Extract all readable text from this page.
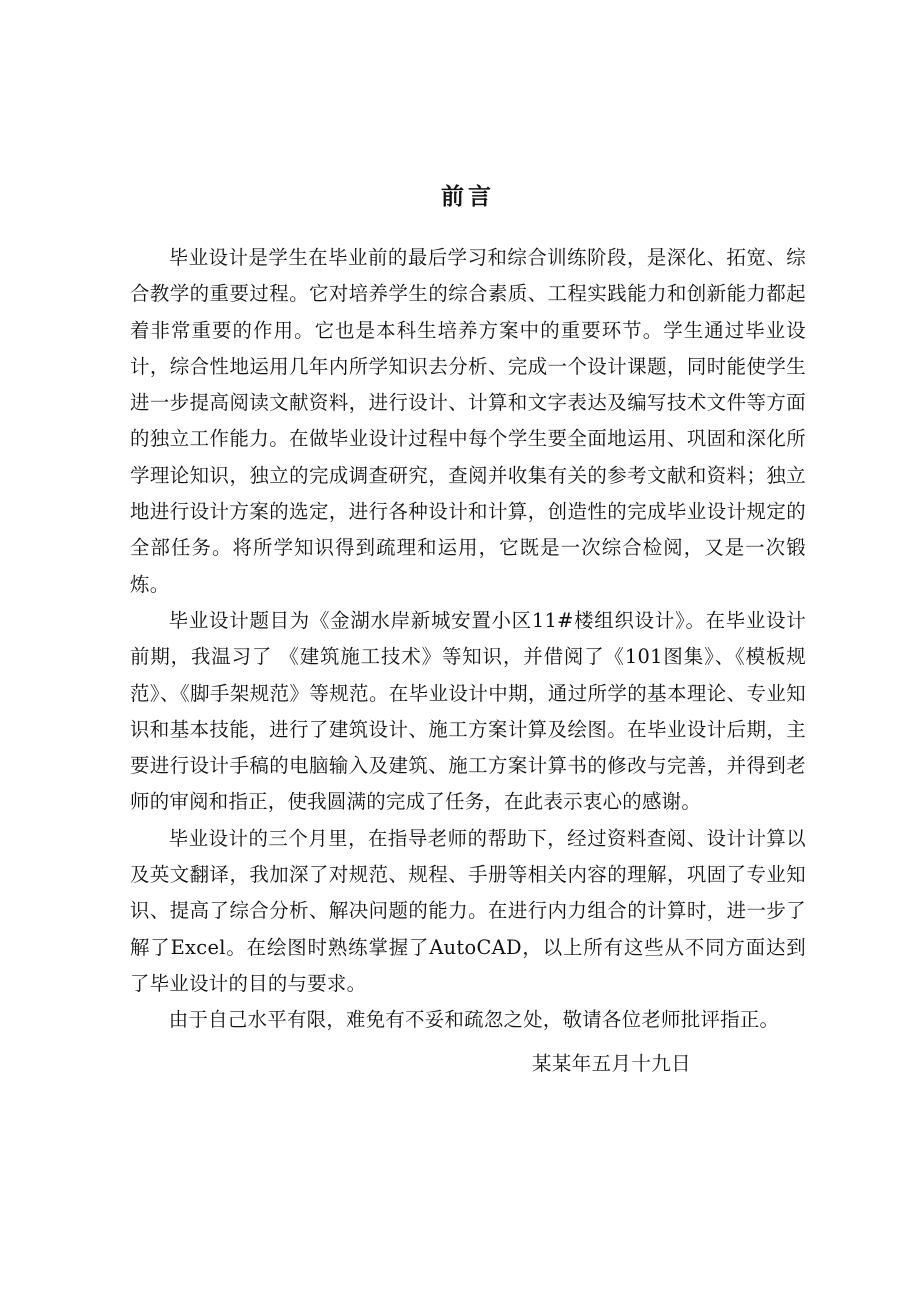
前言

毕业设计是学生在毕业前的最后学习和综合训练阶段，是深化、拓宽、综合教学的重要过程。它对培养学生的综合素质、工程实践能力和创新能力都起着非常重要的作用。它也是本科生培养方案中的重要环节。学生通过毕业设计，综合性地运用几年内所学知识去分析、完成一个设计课题，同时能使学生进一步提高阅读文献资料，进行设计、计算和文字表达及编写技术文件等方面的独立工作能力。在做毕业设计过程中每个学生要全面地运用、巩固和深化所学理论知识，独立的完成调查研究，查阅并收集有关的参考文献和资料；独立地进行设计方案的选定，进行各种设计和计算，创造性的完成毕业设计规定的全部任务。将所学知识得到疏理和运用，它既是一次综合检阅，又是一次锻炼。

毕业设计题目为《金湖水岸新城安置小区11#楼组织设计》。在毕业设计前期，我温习了 《建筑施工技术》等知识，并借阅了《101图集》、《模板规范》、《脚手架规范》等规范。在毕业设计中期，通过所学的基本理论、专业知识和基本技能，进行了建筑设计、施工方案计算及绘图。在毕业设计后期，主要进行设计手稿的电脑输入及建筑、施工方案计算书的修改与完善，并得到老师的审阅和指正，使我圆满的完成了任务，在此表示衷心的感谢。

毕业设计的三个月里，在指导老师的帮助下，经过资料查阅、设计计算以及英文翻译，我加深了对规范、规程、手册等相关内容的理解，巩固了专业知识、提高了综合分析、解决问题的能力。在进行内力组合的计算时，进一步了解了Excel。在绘图时熟练掌握了AutoCAD，以上所有这些从不同方面达到了毕业设计的目的与要求。

由于自己水平有限，难免有不妥和疏忽之处，敬请各位老师批评指正。

某某年五月十九日
